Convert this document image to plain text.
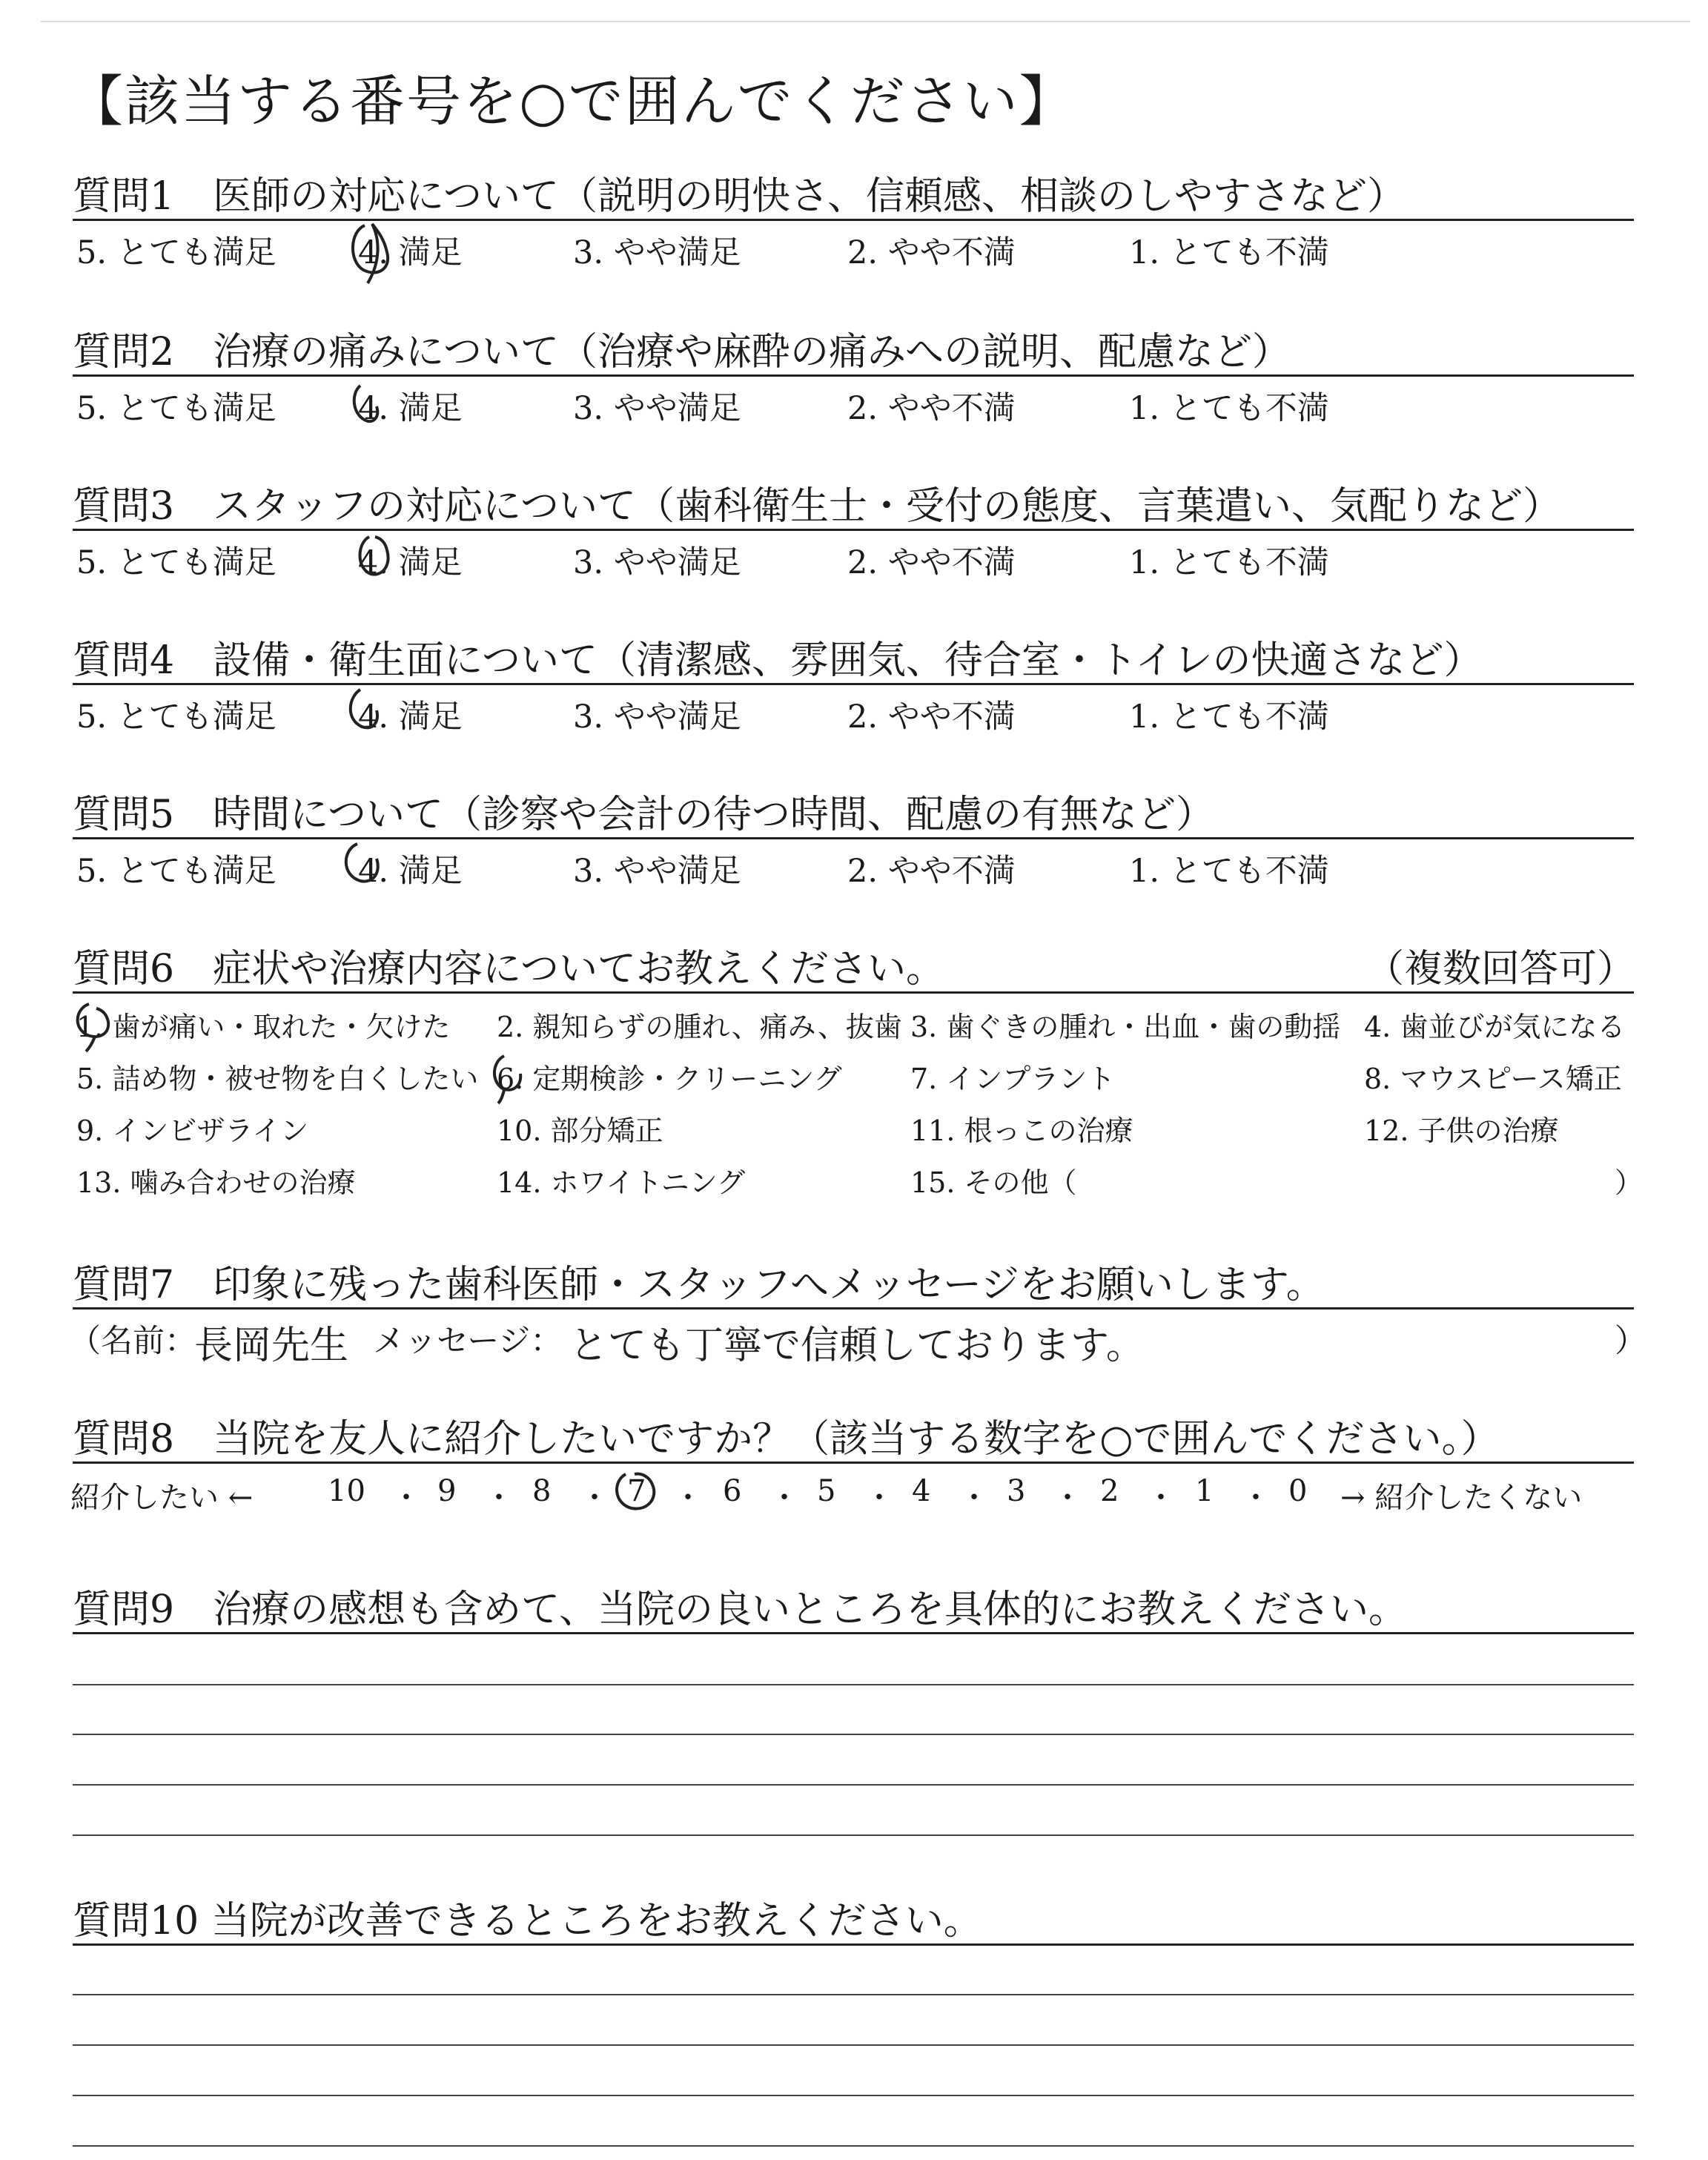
【該当する番号を○で囲んでください】
質問1　医師の対応について（説明の明快さ、信頼感、相談のしやすさなど）
5. とても満足	4. 満足	3. やや満足	2. やや不満	1. とても不満
質問2　治療の痛みについて（治療や麻酔の痛みへの説明、配慮など）
5. とても満足	4. 満足	3. やや満足	2. やや不満	1. とても不満
質問3　スタッフの対応について（歯科衛生士・受付の態度、言葉遣い、気配りなど）
5. とても満足	4. 満足	3. やや満足	2. やや不満	1. とても不満
質問4　設備・衛生面について（清潔感、雰囲気、待合室・トイレの快適さなど）
5. とても満足	4. 満足	3. やや満足	2. やや不満	1. とても不満
質問5　時間について（診察や会計の待つ時間、配慮の有無など）
5. とても満足	4. 満足	3. やや満足	2. やや不満	1. とても不満
質問6　症状や治療内容についてお教えください。	（複数回答可）
1. 歯が痛い・取れた・欠けた 2. 親知らずの腫れ、痛み、抜歯 3. 歯ぐきの腫れ・出血・歯の動揺 4. 歯並びが気になる
5. 詰め物・被せ物を白くしたい 6. 定期検診・クリーニング 7. インプラント	8. マウスピース矯正
9. インビザライン	10. 部分矯正	11. 根っこの治療	12. 子供の治療
13. 噛み合わせの治療	14. ホワイトニング	15. その他（	）
質問7　印象に残った歯科医師・スタッフへメッセージをお願いします。
（名前：
長岡先生 メッセージ： とても丁寧で信頼しております。	）
質問8　当院を友人に紹介したいですか？（該当する数字を○で囲んでください。）
紹介したい ←	10 ・ 9 ・ 8 ・ 7 ・ 6 ・ 5 ・ 4 ・ 3 ・ 2 ・ 1 ・ 0 → 紹介したくない
質問9　治療の感想も含めて、当院の良いところを具体的にお教えください。
質問10 当院が改善できるところをお教えください。
